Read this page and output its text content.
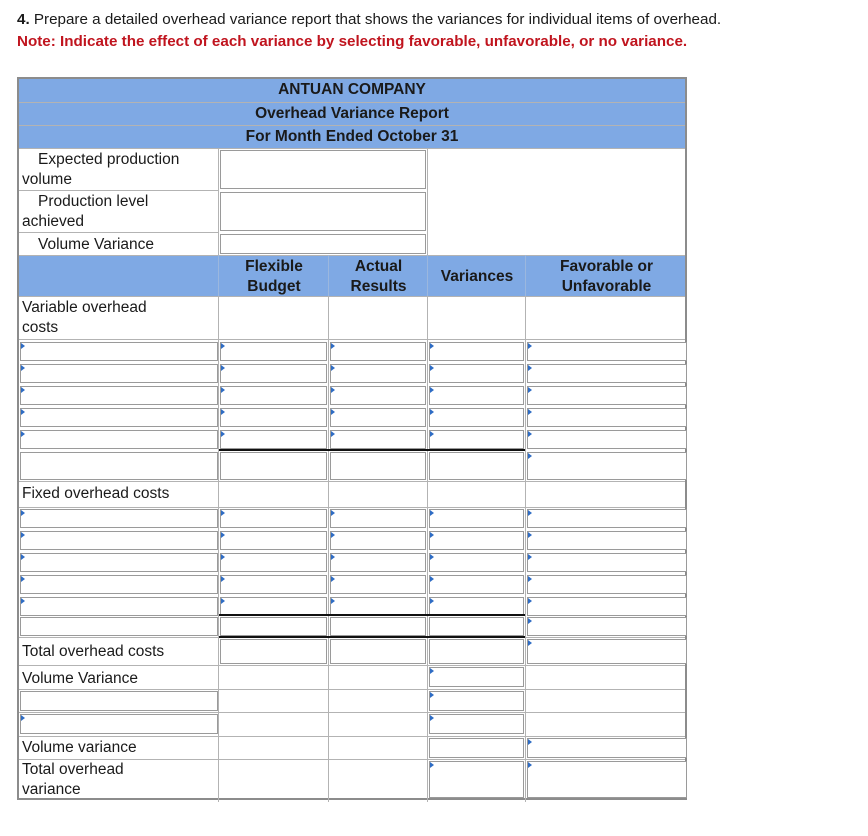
4. Prepare a detailed overhead variance report that shows the variances for individual items of overhead.
Note: Indicate the effect of each variance by selecting favorable, unfavorable, or no variance.
ANTUAN COMPANY
Overhead Variance Report
For Month Ended October 31
Expected production
volume
Production level
achieved
Volume Variance
Flexible
Budget
Actual
Results
Variances
Favorable or
Unfavorable
Variable overhead
costs
Fixed overhead costs
Total overhead costs
Volume Variance
Volume variance
Total overhead
variance
